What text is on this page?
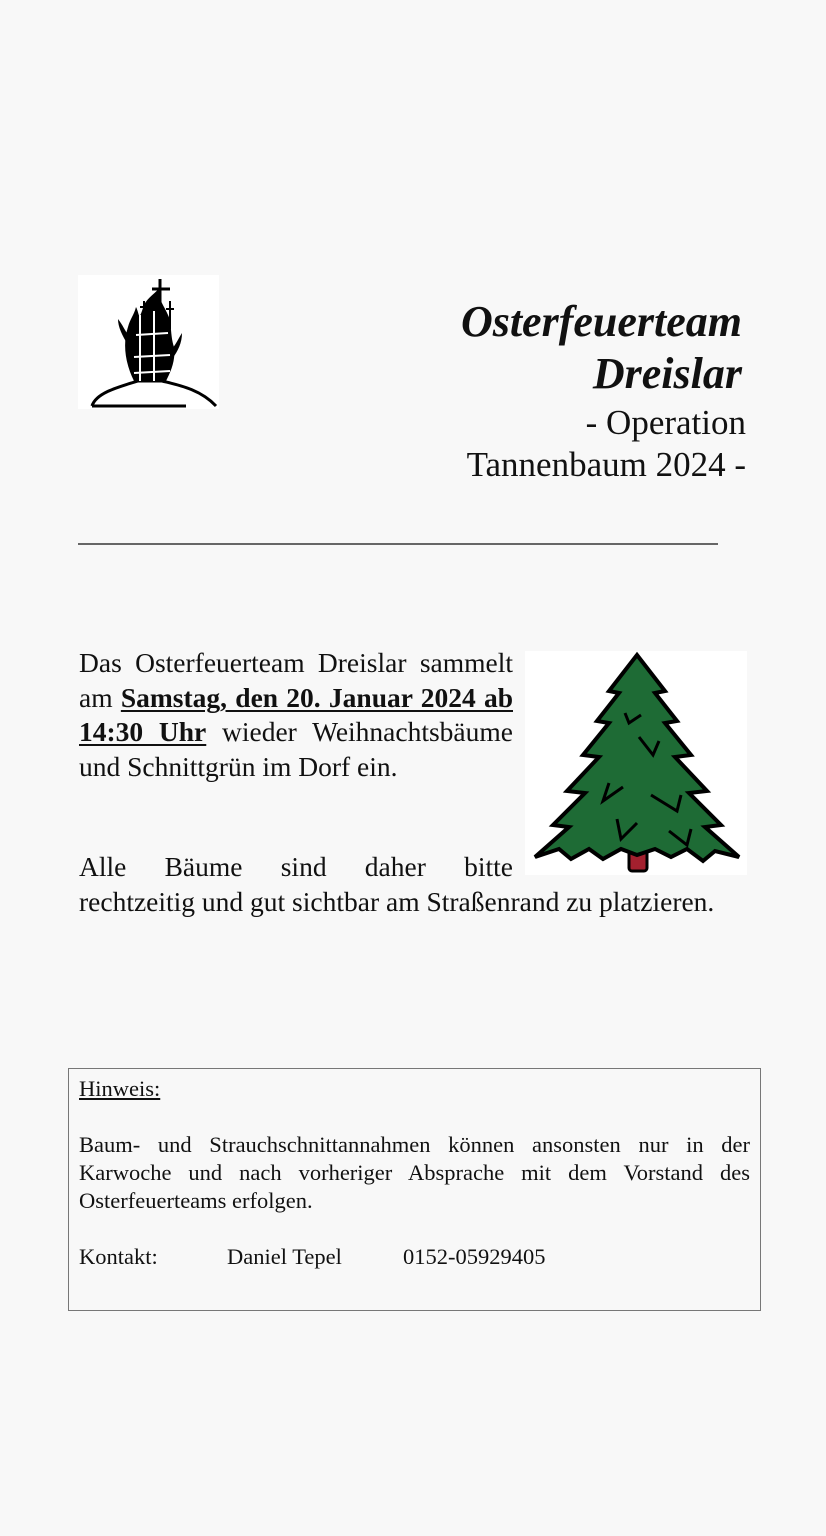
Osterfeuerteam
Dreislar
- Operation
Tannenbaum 2024 -
Das Osterfeuerteam Dreislar sammelt am Samstag, den 20. Januar 2024 ab 14:30 Uhr wieder Weihnachtsbäume und Schnittgrün im Dorf ein.
Alle Bäume sind daher bitte
rechtzeitig und gut sichtbar am Straßenrand zu platzieren.
Hinweis:
Baum- und Strauchschnittannahmen können ansonsten nur in der Karwoche und nach vorheriger Absprache mit dem Vorstand des Osterfeuerteams erfolgen.
Kontakt:	Daniel Tepel	0152-05929405
